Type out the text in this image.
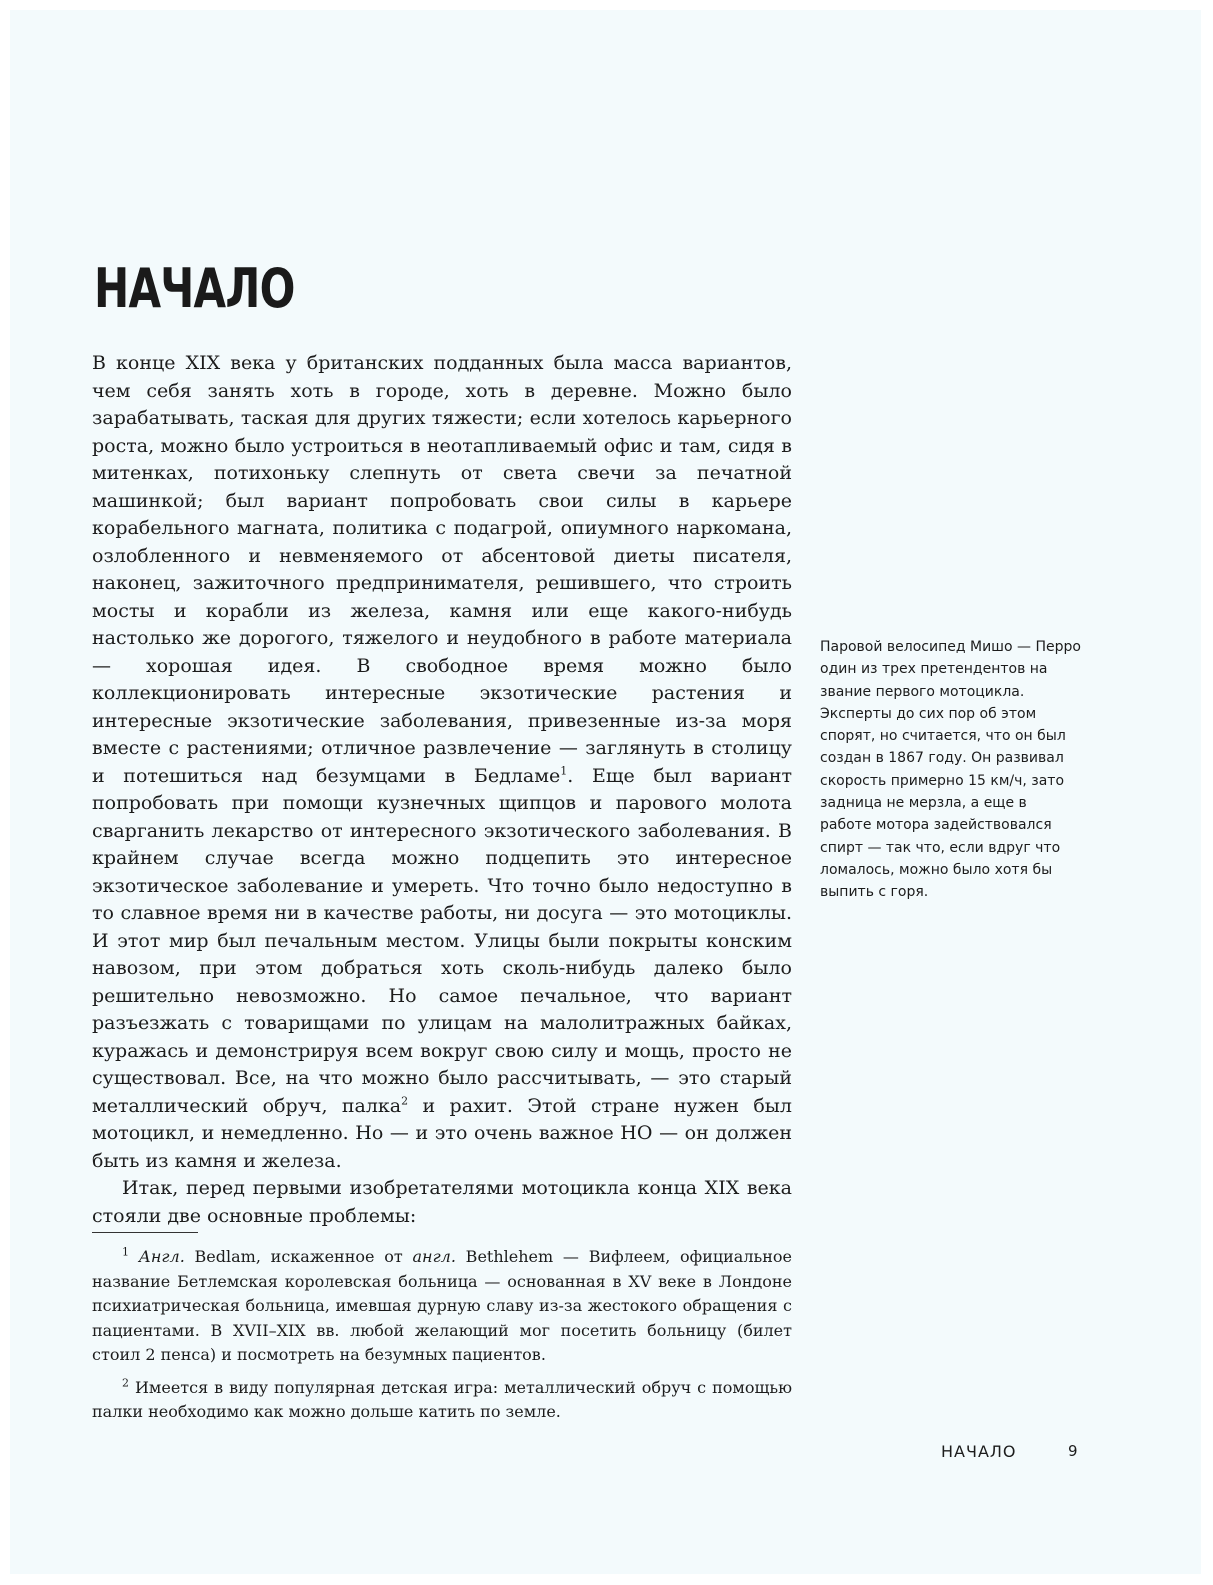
НАЧАЛО

В конце XIX века у британских подданных была масса вариантов, чем себя занять хоть в городе, хоть в деревне. Можно было зарабатывать, таская для других тяжести; если хотелось карьерного роста, можно было устроиться в неотапливаемый офис и там, сидя в митенках, потихоньку слепнуть от света свечи за печатной машинкой; был вариант попробовать свои силы в карьере корабельного магната, политика с подагрой, опиумного наркомана, озлобленного и невменяемого от абсентовой диеты писателя, наконец, зажиточного предпринимателя, решившего, что строить мосты и корабли из железа, камня или еще какого-нибудь настолько же дорогого, тяжелого и неудобного в работе материала — хорошая идея. В свободное время можно было коллекционировать интересные экзотические растения и интересные экзотические заболевания, привезенные из-за моря вместе с растениями; отличное развлечение — заглянуть в столицу и потешиться над безумцами в Бедламе$^1$. Еще был вариант попробовать при помощи кузнечных щипцов и парового молота сварганить лекарство от интересного экзотического заболевания. В крайнем случае всегда можно подцепить это интересное экзотическое заболевание и умереть. Что точно было недоступно в то славное время ни в качестве работы, ни досуга — это мотоциклы. И этот мир был печальным местом. Улицы были покрыты конским навозом, при этом добраться хоть сколь-нибудь далеко было решительно невозможно. Но самое печальное, что вариант разъезжать с товарищами по улицам на малолитражных байках, куражась и демонстрируя всем вокруг свою силу и мощь, просто не существовал. Все, на что можно было рассчитывать, — это старый металлический обруч, палка$^2$ и рахит. Этой стране нужен был мотоцикл, и немедленно. Но — и это очень важное НО — он должен быть из камня и железа.

Итак, перед первыми изобретателями мотоцикла конца XIX века стояли две основные проблемы:

Паровой велосипед Мишо — Перро один из трех претендентов на звание первого мотоцикла. Эксперты до сих пор об этом спорят, но считается, что он был создан в 1867 году. Он развивал скорость примерно 15 км/ч, зато задница не мерзла, а еще в работе мотора задействовался спирт — так что, если вдруг что ломалось, можно было хотя бы выпить с горя.

$^1$ Англ. Bedlam, искаженное от англ. Bethlehem — Вифлеем, официальное название Бетлемская королевская больница — основанная в XV веке в Лондоне психиатрическая больница, имевшая дурную славу из-за жестокого обращения с пациентами. В XVII–XIX вв. любой желающий мог посетить больницу (билет стоил 2 пенса) и посмотреть на безумных пациентов.

$^2$ Имеется в виду популярная детская игра: металлический обруч с помощью палки необходимо как можно дольше катить по земле.

НАЧАЛО	9
